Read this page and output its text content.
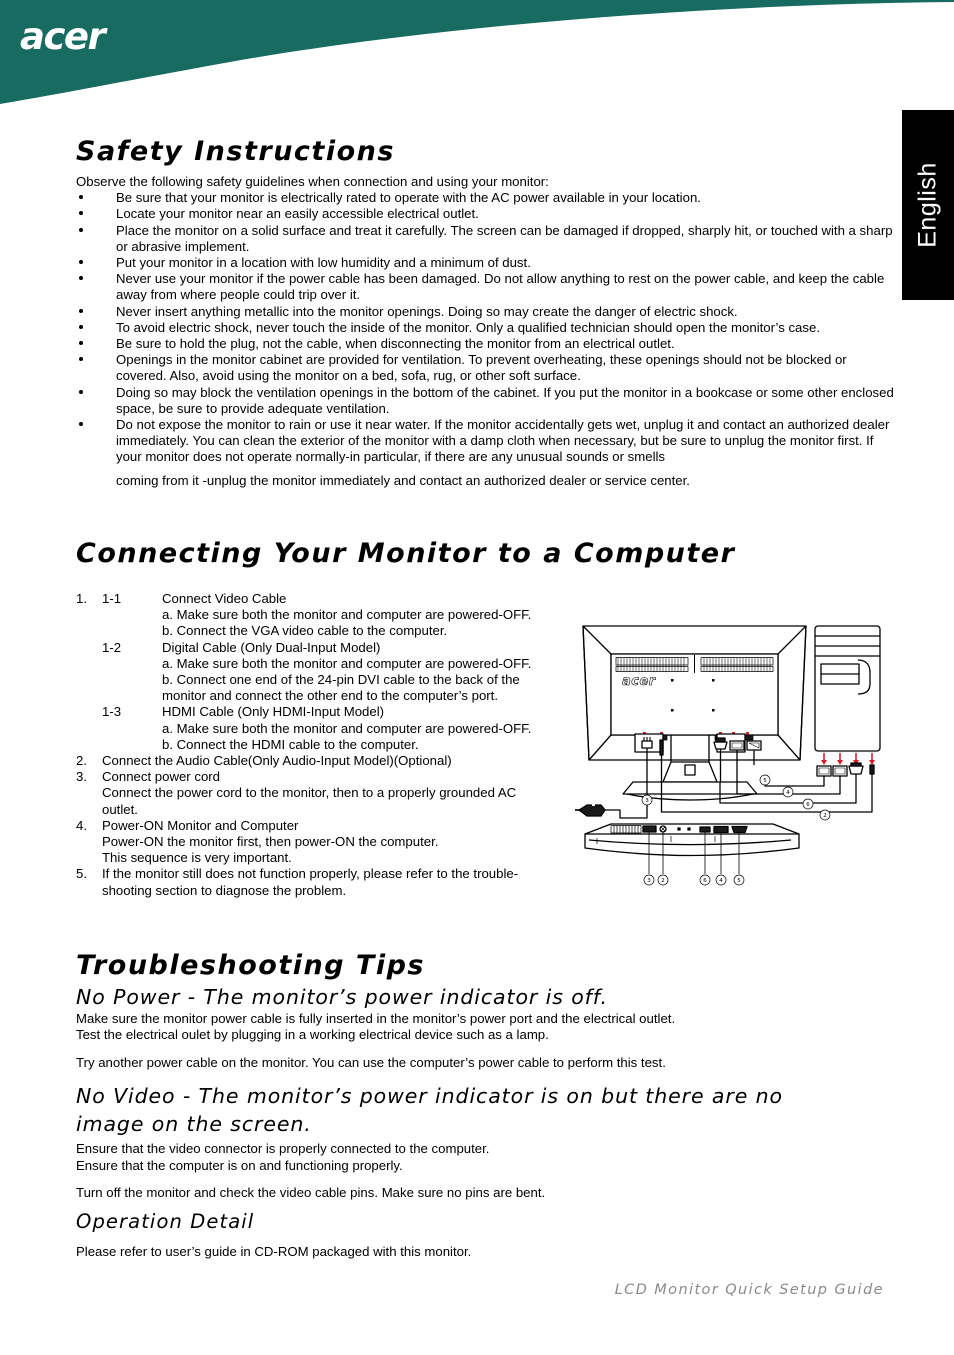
acer
English
Safety Instructions
Observe the following safety guidelines when connection and using your monitor:
Be sure that your monitor is electrically rated to operate with the AC power available in your location.
Locate your monitor near an easily accessible electrical outlet.
Place the monitor on a solid surface and treat it carefully. The screen can be damaged if dropped, sharply hit, or touched with a sharp or abrasive implement.
Put your monitor in a location with low humidity and a minimum of dust.
Never use your monitor if the power cable has been damaged. Do not allow anything to rest on the power cable, and keep the cable away from where people could trip over it.
Never insert anything metallic into the monitor openings. Doing so may create the danger of electric shock.
To avoid electric shock, never touch the inside of the monitor. Only a qualified technician should open the monitor’s case.
Be sure to hold the plug, not the cable, when disconnecting the monitor from an electrical outlet.
Openings in the monitor cabinet are provided for ventilation. To prevent overheating, these openings should not be blocked or covered. Also, avoid using the monitor on a bed, sofa, rug, or other soft surface.
Doing so may block the ventilation openings in the bottom of the cabinet. If you put the monitor in a bookcase or some other enclosed space, be sure to provide adequate ventilation.
Do not expose the monitor to rain or use it near water. If the monitor accidentally gets wet, unplug it and contact an authorized dealer immediately. You can clean the exterior of the monitor with a damp cloth when necessary, but be sure to unplug the monitor first. If your monitor does not operate normally-in particular, if there are any unusual sounds or smells
coming from it -unplug the monitor immediately and contact an authorized dealer or service center.
Connecting Your Monitor to a Computer
1.	1-1	Connect Video Cable
a. Make sure both the monitor and computer are powered-OFF.
b. Connect the VGA video cable to the computer.
1-2	Digital Cable (Only Dual-Input Model)
a. Make sure both the monitor and computer are powered-OFF.
b. Connect one end of the 24-pin DVI cable to the back of the
monitor and connect the other end to the computer’s port.
1-3	HDMI Cable (Only HDMI-Input Model)
a. Make sure both the monitor and computer are powered-OFF.
b. Connect the HDMI cable to the computer.
2.	Connect the Audio Cable(Only Audio-Input Model)(Optional)
3.	Connect power cord
Connect the power cord to the monitor, then to a properly grounded AC
outlet.
4.	Power-ON Monitor and Computer
Power-ON the monitor first, then power-ON the computer.
This sequence is very important.
5.	If the monitor still does not function properly, please refer to the trouble-
shooting section to diagnose the problem.
acer
3
5
4
6
2
3 2	6 4	5
Troubleshooting Tips
No Power - The monitor’s power indicator is off.
Make sure the monitor power cable is fully inserted in the monitor’s power port and the electrical outlet.
Test the electrical oulet by plugging in a working electrical device such as a lamp.
Try another power cable on the monitor. You can use the computer’s power cable to perform this test.
No Video - The monitor’s power indicator is on but there are no
image on the screen.
Ensure that the video connector is properly connected to the computer.
Ensure that the computer is on and functioning properly.
Turn off the monitor and check the video cable pins. Make sure no pins are bent.
Operation Detail
Please refer to user’s guide in CD-ROM packaged with this monitor.
LCD Monitor Quick Setup Guide
